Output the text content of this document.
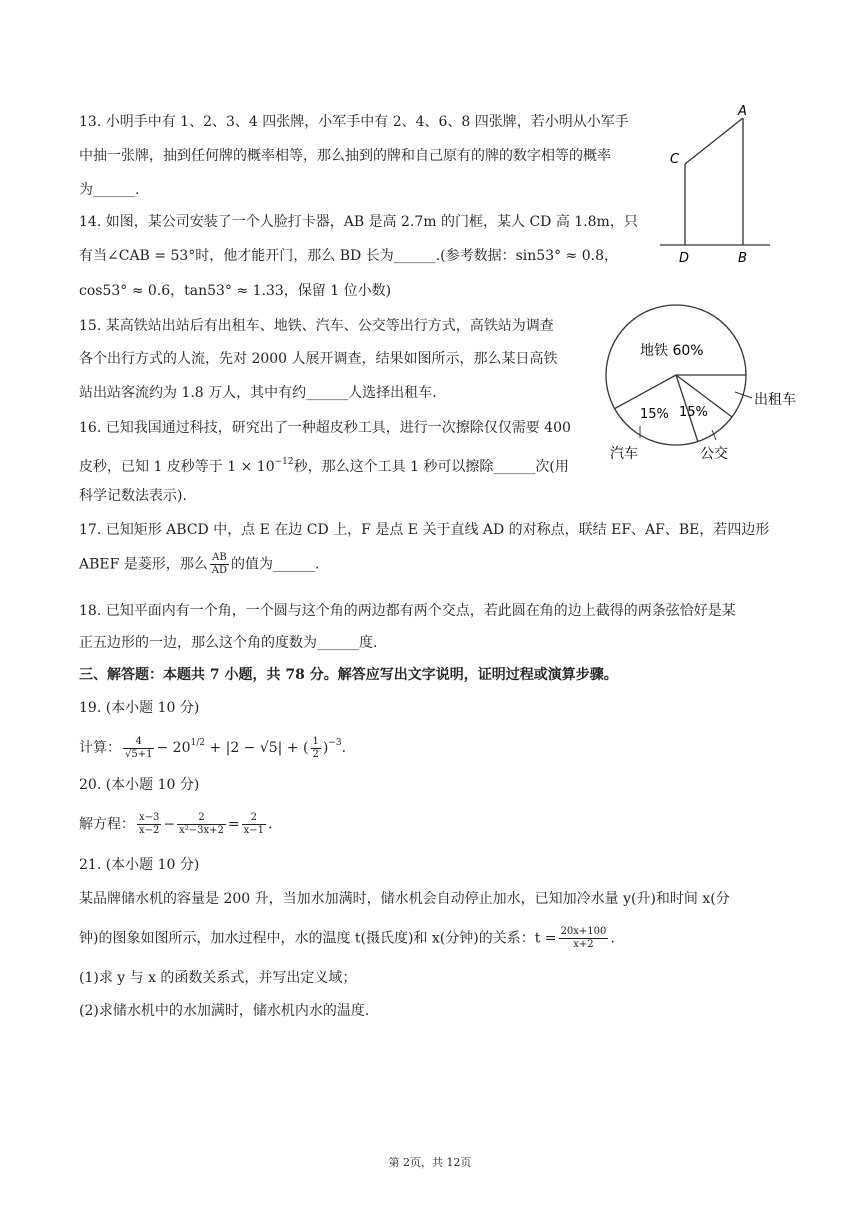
13. 小明手中有 1、2、3、4 四张牌，小军手中有 2、4、6、8 四张牌，若小明从小军手
中抽一张牌，抽到任何牌的概率相等，那么抽到的牌和自己原有的牌的数字相等的概率
为______.
14. 如图，某公司安装了一个人脸打卡器，AB 是高 2.7m 的门框，某人 CD 高 1.8m，只
有当∠CAB = 53°时，他才能开门，那么 BD 长为______.(参考数据：sin53° ≈ 0.8，
cos53° ≈ 0.6，tan53° ≈ 1.33，保留 1 位小数)
A
C
D	B
15. 某高铁站出站后有出租车、地铁、汽车、公交等出行方式，高铁站为调查
各个出行方式的人流，先对 2000 人展开调查，结果如图所示，那么某日高铁
站出站客流约为 1.8 万人，其中有约______人选择出租车.
地铁 60%
15% 15%
出租车
公交
汽车
16. 已知我国通过科技，研究出了一种超皮秒工具，进行一次擦除仅仅需要 400
皮秒，已知 1 皮秒等于 $1 \times 10^{-12}$秒，那么这个工具 1 秒可以擦除______次(用
科学记数法表示).
17. 已知矩形 ABCD 中，点 E 在边 CD 上，F 是点 E 关于直线 AD 的对称点，联结 EF、AF、BE，若四边形
ABEF 是菱形，那么 $\frac{AB}{AD}$ 的值为______.
18. 已知平面内有一个角，一个圆与这个角的两边都有两个交点，若此圆在角的边上截得的两条弦恰好是某
正五边形的一边，那么这个角的度数为______度.
三、解答题：本题共 7 小题，共 78 分。解答应写出文字说明，证明过程或演算步骤。
19. (本小题 10 分)
计算： $\frac{4}{√5+1} - 20^{1/2} + |2 - √5|$ + ( $\frac{1}{2} )^{-3}$.
20. (本小题 10 分)
解方程： $\frac{x-3}{x-2} - \frac{2}{\text{x²−3x+2}} = \frac{2}{x-1}$ .
21. (本小题 10 分)
某品牌储水机的容量是 200 升，当加水加满时，储水机会自动停止加水，已知加冷水量 y(升)和时间 x(分
钟)的图象如图所示，加水过程中，水的温度 t(摄氏度)和 x(分钟)的关系：$t = \frac{20x+100}{x+2}$ .
(1)求 y 与 x 的函数关系式，并写出定义域；
(2)求储水机中的水加满时，储水机内水的温度.
第 2页，共 12页
